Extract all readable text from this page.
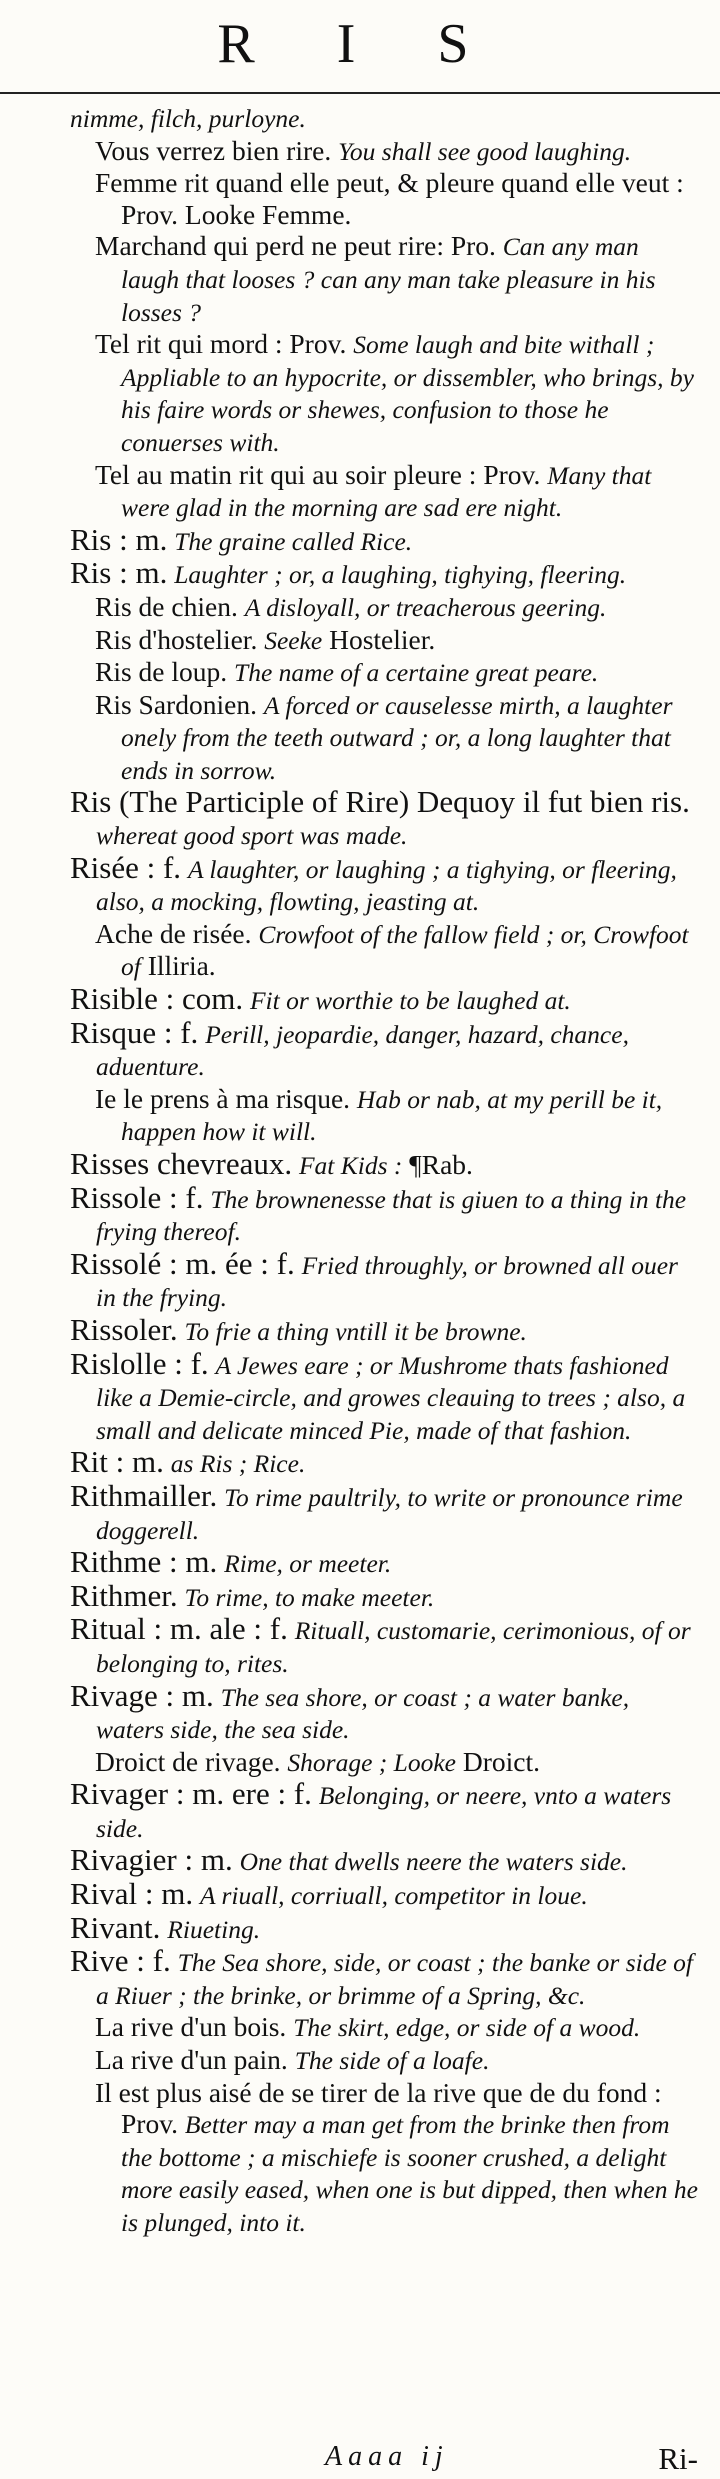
R I S

nimme, filch, purloyne.

Vous verrez bien rire. You shall see good laughing.

Femme rit quand elle peut, & pleure quand elle veut : Prov. Looke Femme.

Marchand qui perd ne peut rire: Pro. Can any man laugh that looses ? can any man take pleasure in his losses ?

Tel rit qui mord : Prov. Some laugh and bite withall ; Appliable to an hypocrite, or dissembler, who brings, by his faire words or shewes, confusion to those he conuerses with.

Tel au matin rit qui au soir pleure : Prov. Many that were glad in the morning are sad ere night.

Ris : m. The graine called Rice.

Ris : m. Laughter ; or, a laughing, tighying, fleering.

Ris de chien. A disloyall, or treacherous geering.

Ris d'hostelier. Seeke Hostelier.

Ris de loup. The name of a certaine great peare.

Ris Sardonien. A forced or causelesse mirth, a laughter onely from the teeth outward ; or, a long laughter that ends in sorrow.

Ris (The Participle of Rire) Dequoy il fut bien ris. whereat good sport was made.

Risée : f. A laughter, or laughing ; a tighying, or fleering, also, a mocking, flowting, jeasting at.

Ache de risée. Crowfoot of the fallow field ; or, Crowfoot of Illiria.

Risible : com. Fit or worthie to be laughed at.

Risque : f. Perill, jeopardie, danger, hazard, chance, aduenture.

Ie le prens à ma risque. Hab or nab, at my perill be it, happen how it will.

Risses chevreaux. Fat Kids : ¶Rab.

Rissole : f. The brownenesse that is giuen to a thing in the frying thereof.

Rissolé : m. ée : f. Fried throughly, or browned all ouer in the frying.

Rissoler. To frie a thing vntill it be browne.

Rislolle : f. A Jewes eare ; or Mushrome thats fashioned like a Demie-circle, and growes cleauing to trees ; also, a small and delicate minced Pie, made of that fashion.

Rit : m. as Ris ; Rice.

Rithmailler. To rime paultrily, to write or pronounce rime doggerell.

Rithme : m. Rime, or meeter.

Rithmer. To rime, to make meeter.

Ritual : m. ale : f. Rituall, customarie, cerimonious, of or belonging to, rites.

Rivage : m. The sea shore, or coast ; a water banke, waters side, the sea side.

Droict de rivage. Shorage ; Looke Droict.

Rivager : m. ere : f. Belonging, or neere, vnto a waters side.

Rivagier : m. One that dwells neere the waters side.

Rival : m. A riuall, corriuall, competitor in loue.

Rivant. Riueting.

Rive : f. The Sea shore, side, or coast ; the banke or side of a Riuer ; the brinke, or brimme of a Spring, &c.

La rive d'un bois. The skirt, edge, or side of a wood.

La rive d'un pain. The side of a loafe.

Il est plus aisé de se tirer de la rive que de du fond : Prov. Better may a man get from the brinke then from the bottome ; a mischiefe is sooner crushed, a delight more easily eased, when one is but dipped, then when he is plunged, into it.

Aaaa ij	Ri-
